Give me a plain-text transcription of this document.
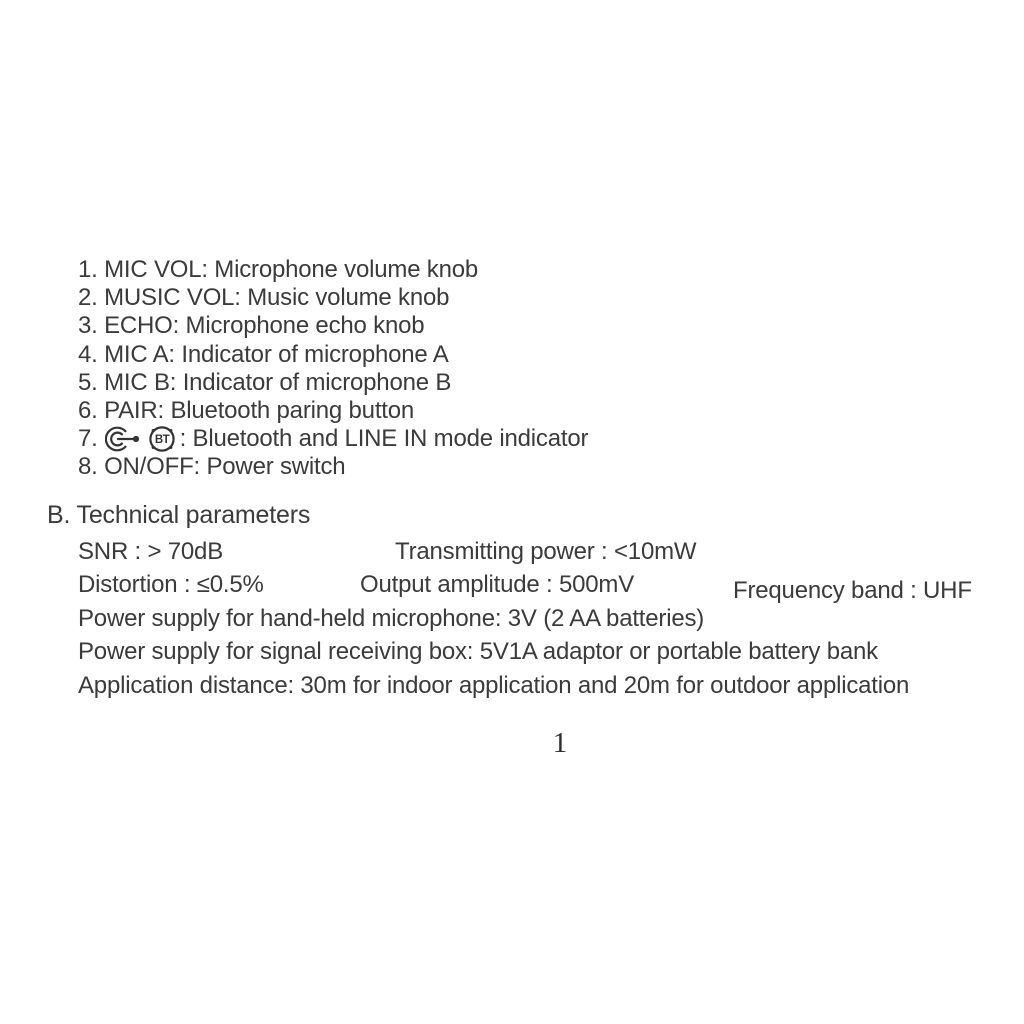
1. MIC VOL: Microphone volume knob
2. MUSIC VOL: Music volume knob
3. ECHO: Microphone echo knob
4. MIC A: Indicator of microphone A
5. MIC B: Indicator of microphone B
6. PAIR: Bluetooth paring button
7.	BT : Bluetooth and LINE IN mode indicator
8. ON/OFF: Power switch
B. Technical parameters
SNR : > 70dB	Transmitting power : <10mW
Distortion : ≤0.5%	Output amplitude : 500mV	Frequency band : UHF
Power supply for hand-held microphone: 3V (2 AA batteries)
Power supply for signal receiving box: 5V1A adaptor or portable battery bank
Application distance: 30m for indoor application and 20m for outdoor application
1
